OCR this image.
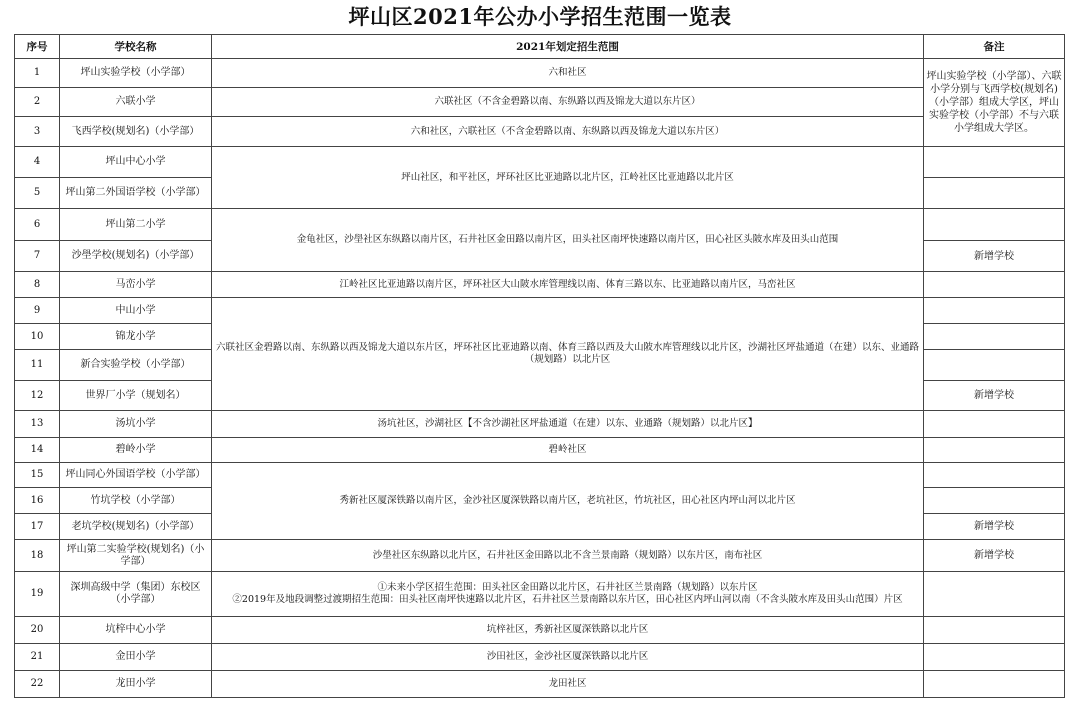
坪山区2021年公办小学招生范围一览表
序号	学校名称	2021年划定招生范围	备注
1	坪山实验学校（小学部）	六和社区	坪山实验学校（小学部）、六联小学分别与飞西学校(规划名)（小学部）组成大学区，坪山实验学校（小学部）不与六联小学组成大学区。
2	六联小学	六联社区（不含金碧路以南、东纵路以西及锦龙大道以东片区）	
3	飞西学校(规划名)（小学部）	六和社区，六联社区（不含金碧路以南、东纵路以西及锦龙大道以东片区）	
4	坪山中心小学	坪山社区，和平社区，坪环社区比亚迪路以北片区，江岭社区比亚迪路以北片区	
5	坪山第二外国语学校（小学部）		
6	坪山第二小学	金龟社区，沙壆社区东纵路以南片区，石井社区金田路以南片区，田头社区南坪快速路以南片区，田心社区头陂水库及田头山范围	
7	沙壆学校(规划名)（小学部）		新增学校
8	马峦小学	江岭社区比亚迪路以南片区，坪环社区大山陂水库管理线以南、体育三路以东、比亚迪路以南片区，马峦社区	
9	中山小学	六联社区金碧路以南、东纵路以西及锦龙大道以东片区，坪环社区比亚迪路以南、体育三路以西及大山陂水库管理线以北片区，沙湖社区坪盐通道（在建）以东、业通路（规划路）以北片区	
10	锦龙小学		
11	新合实验学校（小学部）		
12	世界厂小学（规划名）		新增学校
13	汤坑小学	汤坑社区，沙湖社区【不含沙湖社区坪盐通道（在建）以东、业通路（规划路）以北片区】	
14	碧岭小学	碧岭社区	
15	坪山同心外国语学校（小学部）	秀新社区厦深铁路以南片区，金沙社区厦深铁路以南片区，老坑社区，竹坑社区，田心社区内坪山河以北片区	
16	竹坑学校（小学部）		
17	老坑学校(规划名)（小学部）		新增学校
18	坪山第二实验学校(规划名)（小学部）	沙壆社区东纵路以北片区，石井社区金田路以北不含兰景南路（规划路）以东片区，南布社区	新增学校
19	深圳高级中学（集团）东校区（小学部）	①未来小学区招生范围：田头社区金田路以北片区，石井社区兰景南路（规划路）以东片区
②2019年及地段调整过渡期招生范围：田头社区南坪快速路以北片区，石井社区兰景南路以东片区，田心社区内坪山河以南（不含头陂水库及田头山范围）片区	

20	坑梓中心小学	坑梓社区，秀新社区厦深铁路以北片区	
21	金田小学	沙田社区，金沙社区厦深铁路以北片区	
22	龙田小学	龙田社区	
